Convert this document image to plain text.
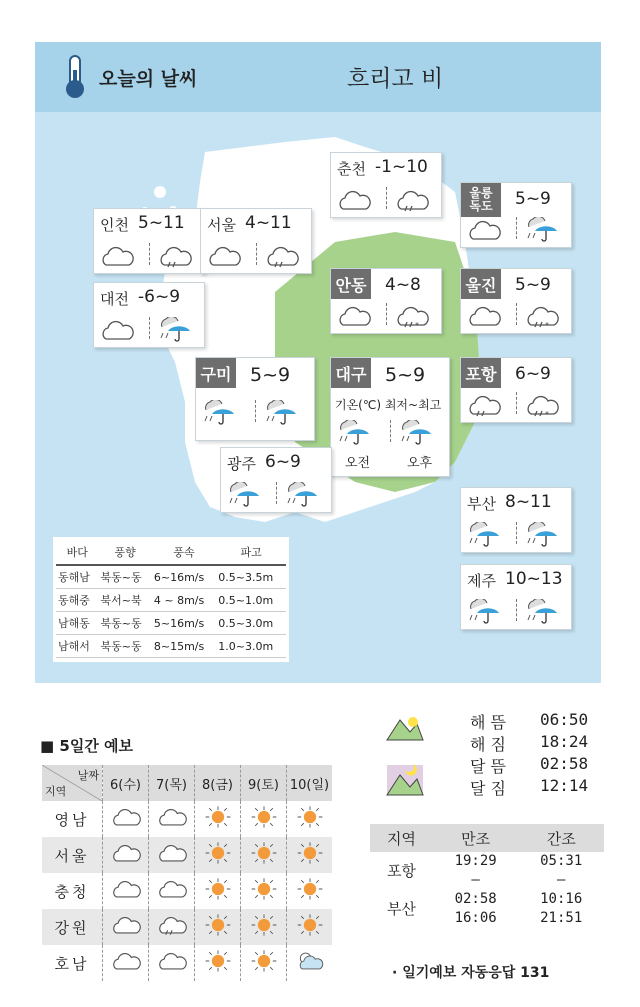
오늘의 날씨	흐리고 비
춘천 -1~10
인천 5~11 서울 4~11
울릉
독도	5~9
대전 -6~9
안동 4~8
*
울진 5~9
*
구미 5~9	대구 5~9
기온(℃) 최저~최고
오전	오후
포항 6~9
*
광주 6~9
부산 8~11
제주 10~13
바다	풍향	풍속	파고
동해남	북동~동	6~16m/s	0.5~3.5m
동해중	북서~북	4 ~ 8m/s	0.5~1.0m
남해동	북동~동	5~16m/s	0.5~3.0m
남해서	북동~동	8~15m/s	1.0~3.0m
■ 5일간 예보
날짜
지역	6(수)	7(목)	8(금)	9(토)	10(일)
영남					
서울					
충청					
강원					
호남					
해 뜸 06:50
해 짐 18:24
달 뜸 02:58
달 짐 12:14
지역	만조	간조
포항	19:29	05:31
	–	–
부산	02:58	10:16
	16:06	21:51
· 일기예보 자동응답 131
